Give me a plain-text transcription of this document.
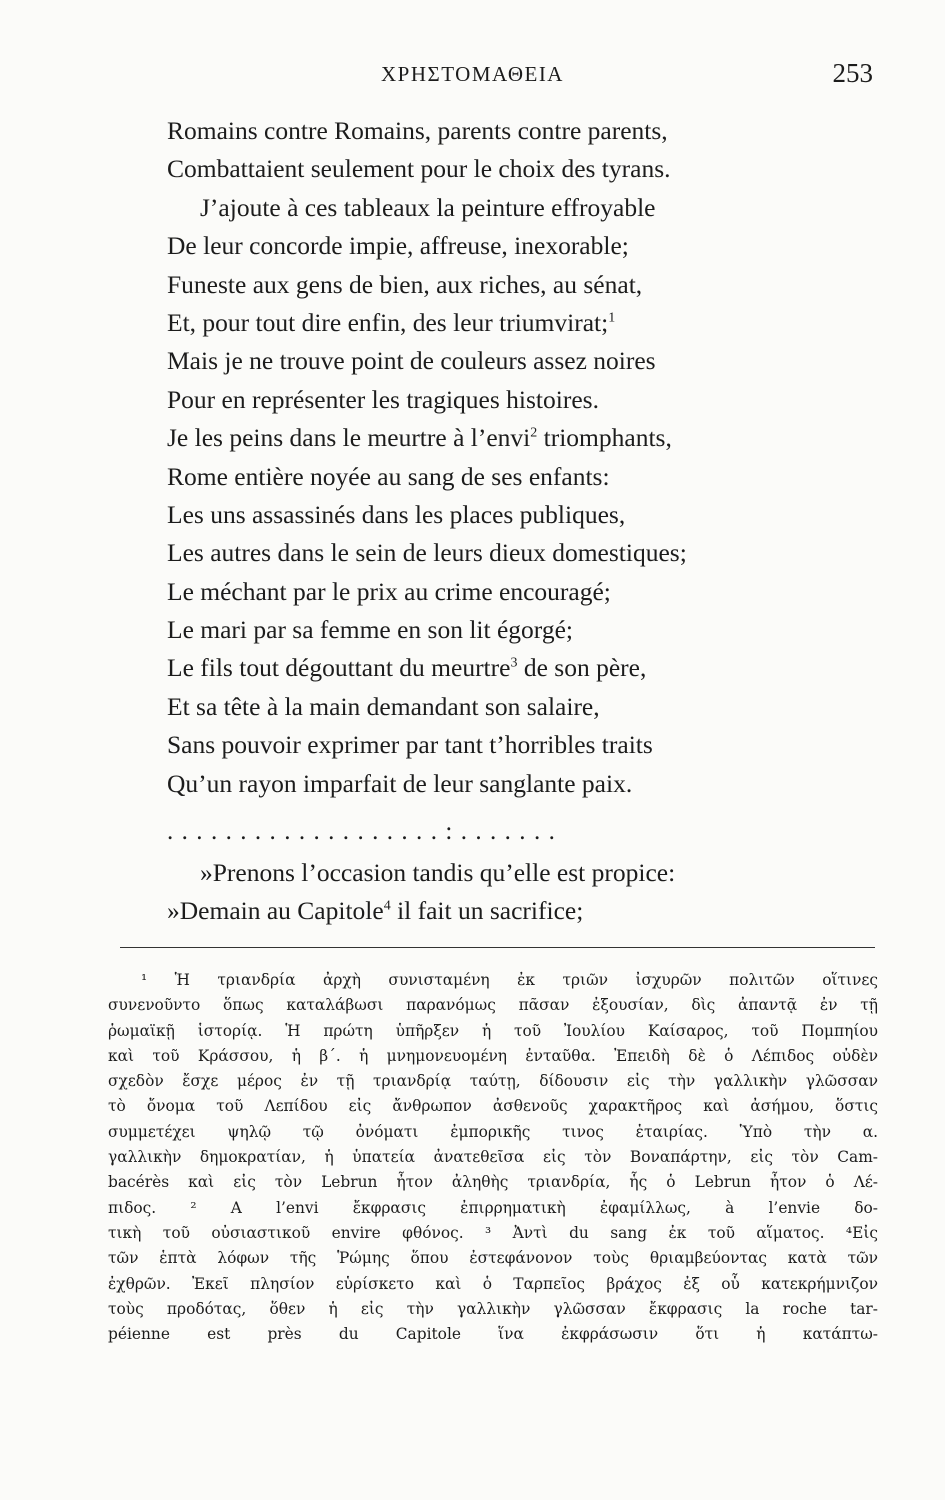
ΧΡΗΣΤΟΜΑΘΕΙΑ	253
Romains contre Romains, parents contre parents,
Combattaient seulement pour le choix des tyrans.
J’ajoute à ces tableaux la peinture effroyable
De leur concorde impie, affreuse, inexorable;
Funeste aux gens de bien, aux riches, au sénat,
Et, pour tout dire enfin, des leur triumvirat;$^1$
Mais je ne trouve point de couleurs assez noires
Pour en représenter les tragiques histoires.
Je les peins dans le meurtre à l’envi$^2$ triomphants,
Rome entière noyée au sang de ses enfants:
Les uns assassinés dans les places publiques,
Les autres dans le sein de leurs dieux domestiques;
Le méchant par le prix au crime encouragé;
Le mari par sa femme en son lit égorgé;
Le fils tout dégouttant du meurtre$^3$ de son père,
Et sa tête à la main demandant son salaire,
Sans pouvoir exprimer par tant t’horribles traits
Qu’un rayon imparfait de leur sanglante paix.
...................:.......
»Prenons l’occasion tandis qu’elle est propice:
»Demain au Capitole$^4$ il fait un sacrifice;
¹ Ἡ τριανδρία ἀρχὴ συνισταμένη ἐκ τριῶν ἰσχυρῶν πολιτῶν οἵτινες
συνενοῦντο ὅπως καταλάβωσι παρανόμως πᾶσαν ἐξουσίαν, δὶς ἀπαντᾷ ἐν τῇ
ῥωμαϊκῇ ἱστορίᾳ. Ἡ πρώτη ὑπῆρξεν ἡ τοῦ Ἰουλίου Καίσαρος, τοῦ Πομπηίου
καὶ τοῦ Κράσσου, ἡ β΄. ἡ μνημονευομένη ἐνταῦθα. Ἐπειδὴ δὲ ὁ Λέπιδος οὐδὲν
σχεδὸν ἔσχε μέρος ἐν τῇ τριανδρίᾳ ταύτῃ, δίδουσιν εἰς τὴν γαλλικὴν γλῶσσαν
τὸ ὄνομα τοῦ Λεπίδου εἰς ἄνθρωπον ἀσθενοῦς χαρακτῆρος καὶ ἀσήμου, ὅστις
συμμετέχει ψηλῷ τῷ ὀνόματι ἐμπορικῆς τινος ἑταιρίας. Ὑπὸ τὴν α.
γαλλικὴν δημοκρατίαν, ἡ ὑπατεία ἀνατεθεῖσα εἰς τὸν Βοναπάρτην, εἰς τὸν Cam-
bacérès καὶ εἰς τὸν Lebrun ἦτον ἀληθὴς τριανδρία, ἧς ὁ Lebrun ἦτον ὁ Λέ-
πιδος. ² A l’envi ἔκφρασις ἐπιρρηματικὴ ἐφαμίλλως, à l’envie δο-
τικὴ τοῦ οὐσιαστικοῦ envire φθόνος. ³ Ἀντὶ du sang ἐκ τοῦ αἵματος. ⁴Εἰς
τῶν ἑπτὰ λόφων τῆς Ῥώμης ὅπου ἐστεφάνονον τοὺς θριαμβεύοντας κατὰ τῶν
ἐχθρῶν. Ἐκεῖ πλησίον εὑρίσκετο καὶ ὁ Ταρπεῖος βράχος ἐξ οὗ κατεκρήμνιζον
τοὺς προδότας, ὅθεν ἡ εἰς τὴν γαλλικὴν γλῶσσαν ἔκφρασις la roche tar-
péienne est près du Capitole ἵνα ἐκφράσωσιν ὅτι ἡ κατάπτω-
